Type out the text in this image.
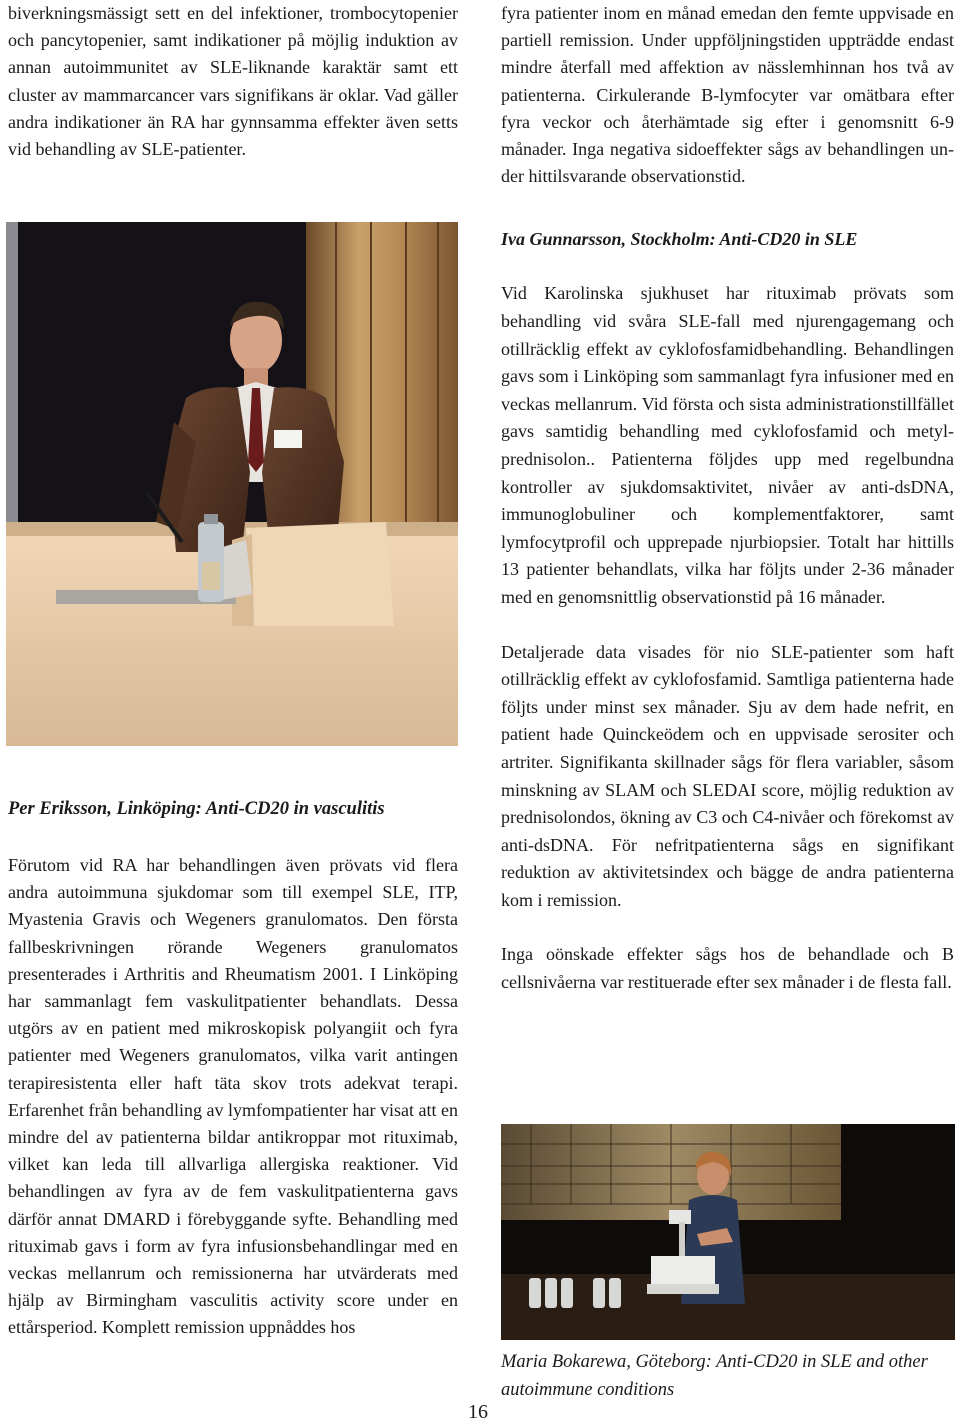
biverkningsmässigt sett en del infektioner, trombocytopenier och pancytopenier, samt indikationer på möjlig induktion av annan autoimmunitet av SLE-liknande karaktär samt ett cluster av mammarcancer vars signifikans är oklar. Vad gäller andra indikationer än RA har gynnsamma effekter även setts vid behandling av SLE-patienter.

Per Eriksson, Linköping: Anti-CD20 in vasculitis

Förutom vid RA har behandlingen även prövats vid flera andra autoimmuna sjukdomar som till exempel SLE, ITP, Myastenia Gravis och Wegeners granulomatos. Den första fallbeskrivningen rörande Wegeners granulomatos presenterades i Arthritis and Rheumatism 2001. I Linköping har sammanlagt fem vaskulitpatienter behandlats. Dessa utgörs av en patient med mikroskopisk polyangiit och fyra patienter med Wegeners granulomatos, vilka varit antingen terapiresistenta eller haft täta skov trots adekvat terapi. Erfarenhet från behandling av lymfompatienter har visat att en mindre del av patienterna bildar antikroppar mot rituximab, vilket kan leda till allvarliga allergiska reaktioner. Vid behandlingen av fyra av de fem vaskulitpatienterna gavs därför annat DMARD i förebyggande syfte. Behandling med rituximab gavs i form av fyra infusionsbehandlingar med en veckas mellanrum och remissionerna har utvärderats med hjälp av Birmingham vasculitis activity score under en ettårsperiod. Komplett remission uppnåddes hos

fyra patienter inom en månad emedan den femte uppvisade en partiell remission. Under uppföljningstiden uppträdde endast mindre återfall med affektion av nässlemhinnan hos två av patienterna. Cirkulerande B-lymfocyter var omätbara efter fyra veckor och återhämtade sig efter i genomsnitt 6-9 månader. Inga negativa sidoeffekter sågs av behandlingen under hittilsvarande observationstid.

Iva Gunnarsson, Stockholm: Anti-CD20 in SLE

Vid Karolinska sjukhuset har rituximab prövats som behandling vid svåra SLE-fall med njurengagemang och otillräcklig effekt av cyklofosfamidbehandling. Behandlingen gavs som i Linköping som sammanlagt fyra infusioner med en veckas mellanrum. Vid första och sista administrationstillfället gavs samtidig behandling med cyklofosfamid och metylprednisolon.. Patienterna följdes upp med regelbundna kontroller av sjukdomsaktivitet, nivåer av anti-dsDNA, immunoglobuliner och komplementfaktorer, samt lymfocytprofil och upprepade njurbiopsier. Totalt har hittills 13 patienter behandlats, vilka har följts under 2-36 månader med en genomsnittlig observationstid på 16 månader.

Detaljerade data visades för nio SLE-patienter som haft otillräcklig effekt av cyklofosfamid. Samtliga patienterna hade följts under minst sex månader. Sju av dem hade nefrit, en patient hade Quinckeödem och en uppvisade serositer och artriter. Signifikanta skillnader sågs för flera variabler, såsom minskning av SLAM och SLEDAI score, möjlig reduktion av prednisolondos, ökning av C3 och C4-nivåer och förekomst av anti-dsDNA. För nefritpatienterna sågs en signifikant reduktion av aktivitetsindex och bägge de andra patienterna kom i remission.

Inga oönskade effekter sågs hos de behandlade och B cellsnivåerna var restituerade efter sex månader i de flesta fall.

Maria Bokarewa, Göteborg: Anti-CD20 in SLE and other autoimmune conditions
16
